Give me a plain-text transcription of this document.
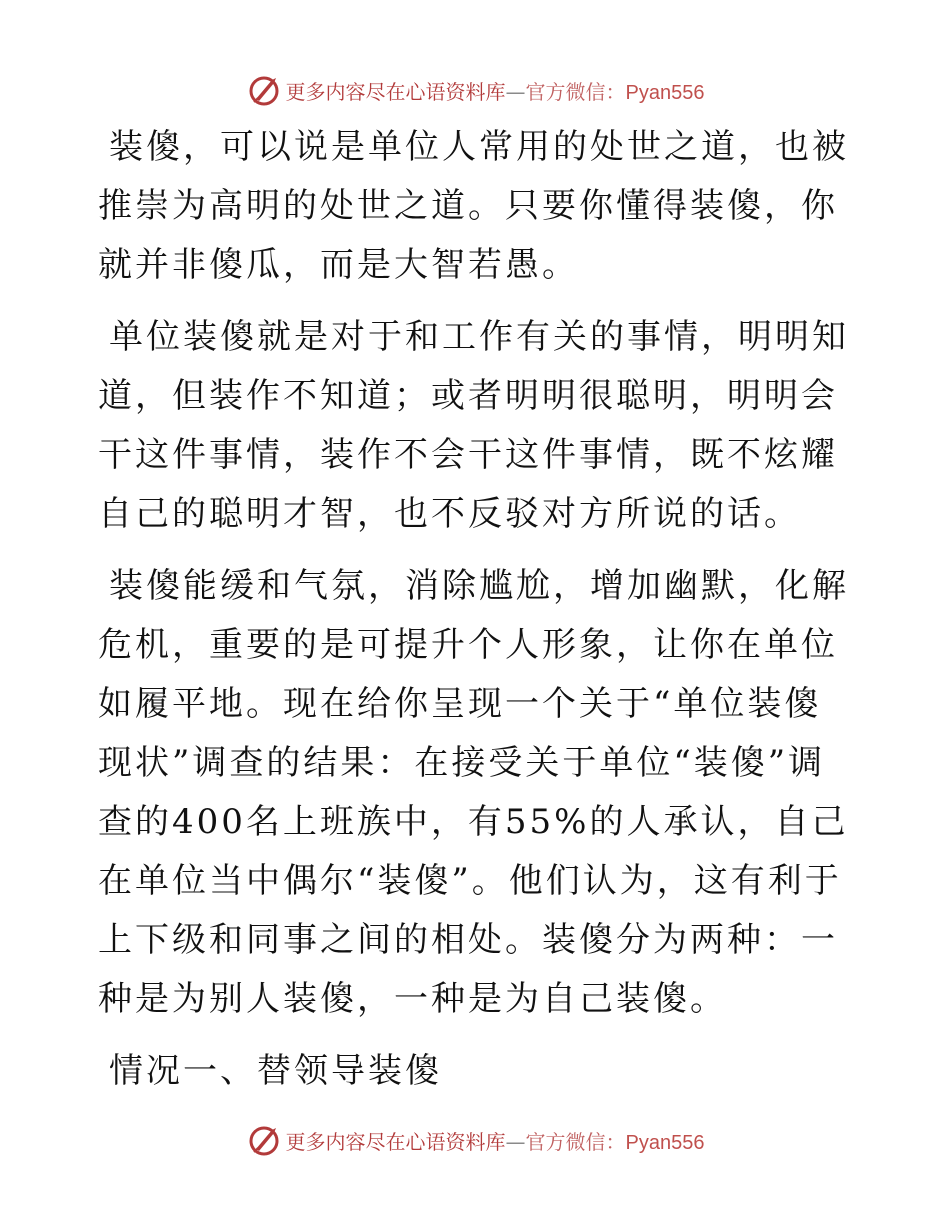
更多内容尽在心语资料库—官方微信：Pyan556

装傻，可以说是单位人常用的处世之道，也被推崇为高明的处世之道。只要你懂得装傻，你就并非傻瓜，而是大智若愚。

单位装傻就是对于和工作有关的事情，明明知道，但装作不知道；或者明明很聪明，明明会干这件事情，装作不会干这件事情，既不炫耀自己的聪明才智，也不反驳对方所说的话。

装傻能缓和气氛，消除尴尬，增加幽默，化解危机，重要的是可提升个人形象，让你在单位如履平地。现在给你呈现一个关于“单位装傻现状”调查的结果：在接受关于单位“装傻”调查的400名上班族中，有55%的人承认，自己在单位当中偶尔“装傻”。他们认为，这有利于上下级和同事之间的相处。装傻分为两种：一种是为别人装傻，一种是为自己装傻。

情况一、替领导装傻

更多内容尽在心语资料库—官方微信：Pyan556
